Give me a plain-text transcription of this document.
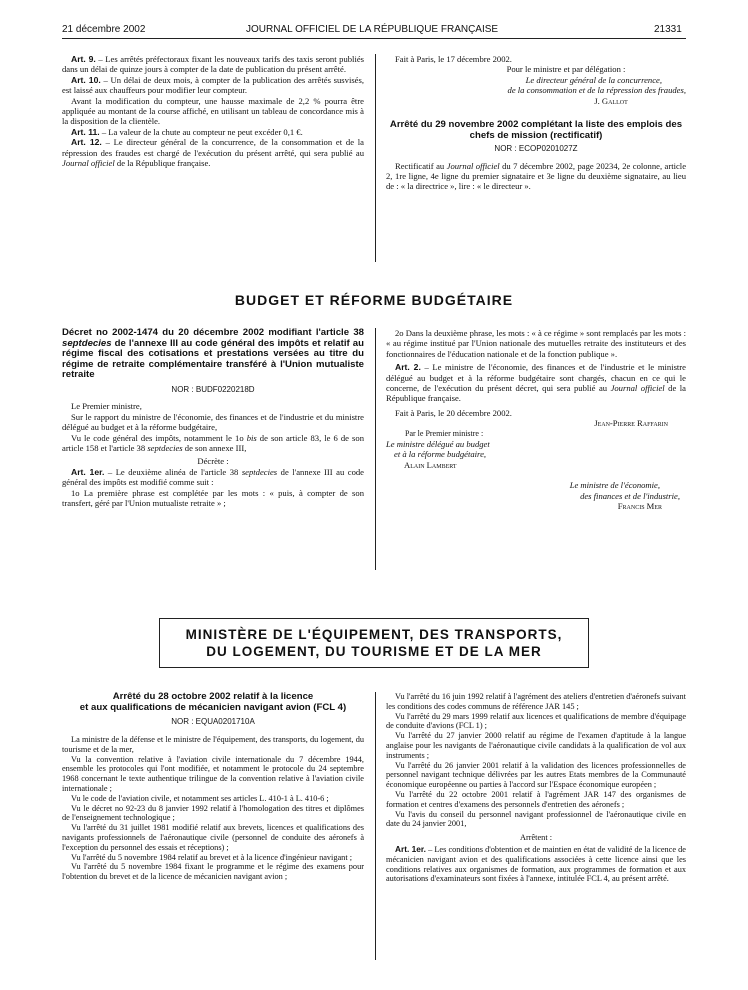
21 décembre 2002	JOURNAL OFFICIEL DE LA RÉPUBLIQUE FRANÇAISE	21331

Art. 9. – Les arrêtés préfectoraux fixant les nouveaux tarifs des taxis seront publiés dans un délai de quinze jours à compter de la date de publication du présent arrêté.

Art. 10. – Un délai de deux mois, à compter de la publication des arrêtés susvisés, est laissé aux chauffeurs pour modifier leur compteur.

Avant la modification du compteur, une hausse maximale de 2,2 % pourra être appliquée au montant de la course affiché, en utilisant un tableau de concordance mis à la disposition de la clientèle.

Art. 11. – La valeur de la chute au compteur ne peut excéder 0,1 €.

Art. 12. – Le directeur général de la concurrence, de la consommation et de la répression des fraudes est chargé de l'exécution du présent arrêté, qui sera publié au Journal officiel de la République française.

Fait à Paris, le 17 décembre 2002.

Pour le ministre et par délégation :

Le directeur général de la concurrence,

de la consommation et de la répression des fraudes,

J. Gallot

Arrêté du 29 novembre 2002 complétant la liste des emplois des chefs de mission (rectificatif)
NOR : ECOP0201027Z

Rectificatif au Journal officiel du 7 décembre 2002, page 20234, 2e colonne, article 2, 1re ligne, 4e ligne du premier signataire et 3e ligne du deuxième signataire, au lieu de : « la directrice », lire : « le directeur ».

BUDGET ET RÉFORME BUDGÉTAIRE
Décret no 2002-1474 du 20 décembre 2002 modifiant l'article 38 septdecies de l'annexe III au code général des impôts et relatif au régime fiscal des cotisations et prestations versées au titre du régime de retraite complémentaire transféré à l'Union mutualiste retraite
NOR : BUDF0220218D

Le Premier ministre,

Sur le rapport du ministre de l'économie, des finances et de l'industrie et du ministre délégué au budget et à la réforme budgétaire,

Vu le code général des impôts, notamment le 1o bis de son article 83, le 6 de son article 158 et l'article 38 septdecies de son annexe III,

Décrète :

Art. 1er. – Le deuxième alinéa de l'article 38 septdecies de l'annexe III au code général des impôts est modifié comme suit :

1o La première phrase est complétée par les mots : « puis, à compter de son transfert, géré par l'Union mutualiste retraite » ;

2o Dans la deuxième phrase, les mots : « à ce régime » sont remplacés par les mots : « au régime institué par l'Union nationale des mutuelles retraite des instituteurs et des fonctionnaires de l'éducation nationale et de la fonction publique ».

Art. 2. – Le ministre de l'économie, des finances et de l'industrie et le ministre délégué au budget et à la réforme budgétaire sont chargés, chacun en ce qui le concerne, de l'exécution du présent décret, qui sera publié au Journal officiel de la République française.

Fait à Paris, le 20 décembre 2002.

Jean-Pierre Raffarin

Par le Premier ministre :

Le ministre délégué au budget

et à la réforme budgétaire,

Alain Lambert

Le ministre de l'économie,

des finances et de l'industrie,

Francis Mer

MINISTÈRE DE L'ÉQUIPEMENT, DES TRANSPORTS,
DU LOGEMENT, DU TOURISME ET DE LA MER
Arrêté du 28 octobre 2002 relatif à la licence
et aux qualifications de mécanicien navigant avion (FCL 4)
NOR : EQUA0201710A

La ministre de la défense et le ministre de l'équipement, des transports, du logement, du tourisme et de la mer,

Vu la convention relative à l'aviation civile internationale du 7 décembre 1944, ensemble les protocoles qui l'ont modifiée, et notamment le protocole du 24 septembre 1968 concernant le texte authentique trilingue de la convention relative à l'aviation civile internationale ;

Vu le code de l'aviation civile, et notamment ses articles L. 410-1 à L. 410-6 ;

Vu le décret no 92-23 du 8 janvier 1992 relatif à l'homologation des titres et diplômes de l'enseignement technologique ;

Vu l'arrêté du 31 juillet 1981 modifié relatif aux brevets, licences et qualifications des navigants professionnels de l'aéronautique civile (personnel de conduite des aéronefs à l'exception du personnel des essais et réceptions) ;

Vu l'arrêté du 5 novembre 1984 relatif au brevet et à la licence d'ingénieur navigant ;

Vu l'arrêté du 5 novembre 1984 fixant le programme et le régime des examens pour l'obtention du brevet et de la licence de mécanicien navigant avion ;

Vu l'arrêté du 16 juin 1992 relatif à l'agrément des ateliers d'entretien d'aéronefs suivant les conditions des codes communs de référence JAR 145 ;

Vu l'arrêté du 29 mars 1999 relatif aux licences et qualifications de membre d'équipage de conduite d'avions (FCL 1) ;

Vu l'arrêté du 27 janvier 2000 relatif au régime de l'examen d'aptitude à la langue anglaise pour les navigants de l'aéronautique civile candidats à la qualification de vol aux instruments ;

Vu l'arrêté du 26 janvier 2001 relatif à la validation des licences professionnelles de personnel navigant technique délivrées par les autres Etats membres de la Communauté économique européenne ou parties à l'accord sur l'Espace économique européen ;

Vu l'arrêté du 22 octobre 2001 relatif à l'agrément JAR 147 des organismes de formation et centres d'examens des personnels d'entretien des aéronefs ;

Vu l'avis du conseil du personnel navigant professionnel de l'aéronautique civile en date du 24 janvier 2001,

Arrêtent :

Art. 1er. – Les conditions d'obtention et de maintien en état de validité de la licence de mécanicien navigant avion et des qualifications associées à cette licence ainsi que les conditions relatives aux organismes de formation, aux programmes de formation et aux autorisations d'examinateurs sont fixées à l'annexe, intitulée FCL 4, au présent arrêté.
